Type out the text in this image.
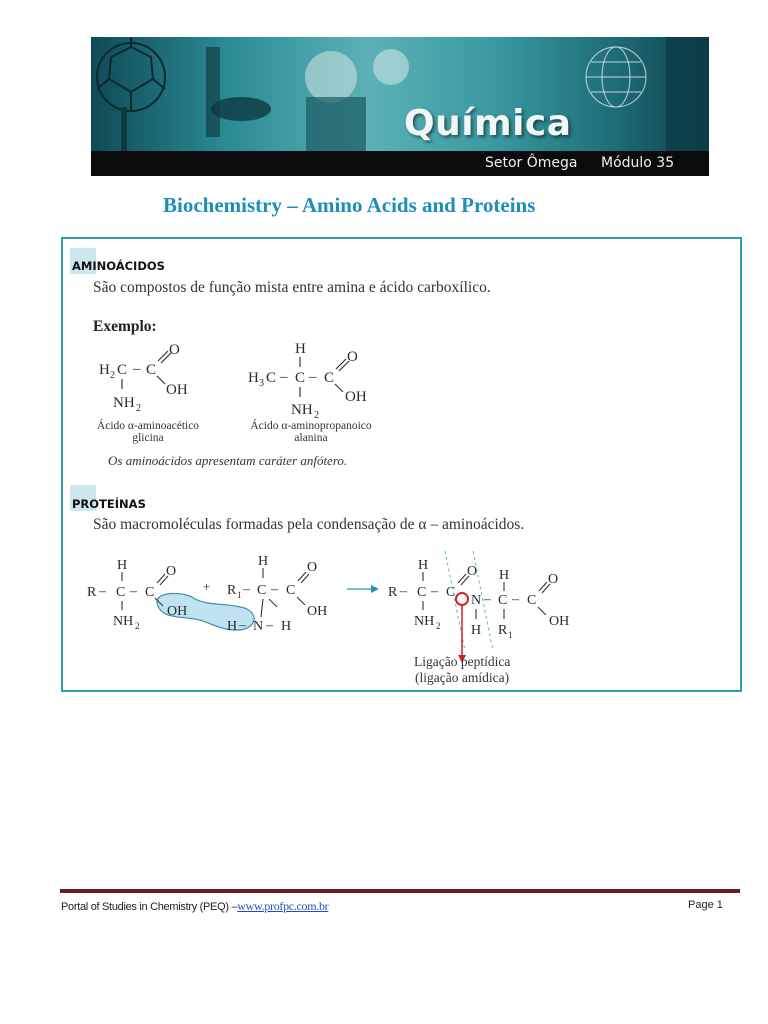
Química
Setor Ômega Módulo 35
Biochemistry – Amino Acids and Proteins
AMINOÁCIDOS
São compostos de função mista entre amina e ácido carboxílico.
Exemplo:
H 2 C – C
O
OH
NH 2
Ácido α-aminoacético
glicina
H
H 3 C – C – C
O
OH
NH 2
Ácido α-aminopropanoico
alanina
Os aminoácidos apresentam caráter anfótero.
PROTEÍNAS
São macromoléculas formadas pela condensação de α – aminoácidos.
H
R – C – C
O
NH 2
OH
+
H
R 1 – C – C
O
OH
H – N – H
H
R – C – C
O
NH 2
N – C – C
H	O
OH
H R 1
Ligação peptídica
(ligação amídica)
Portal of Studies in Chemistry (PEQ) –www.profpc.com.br	Page 1
